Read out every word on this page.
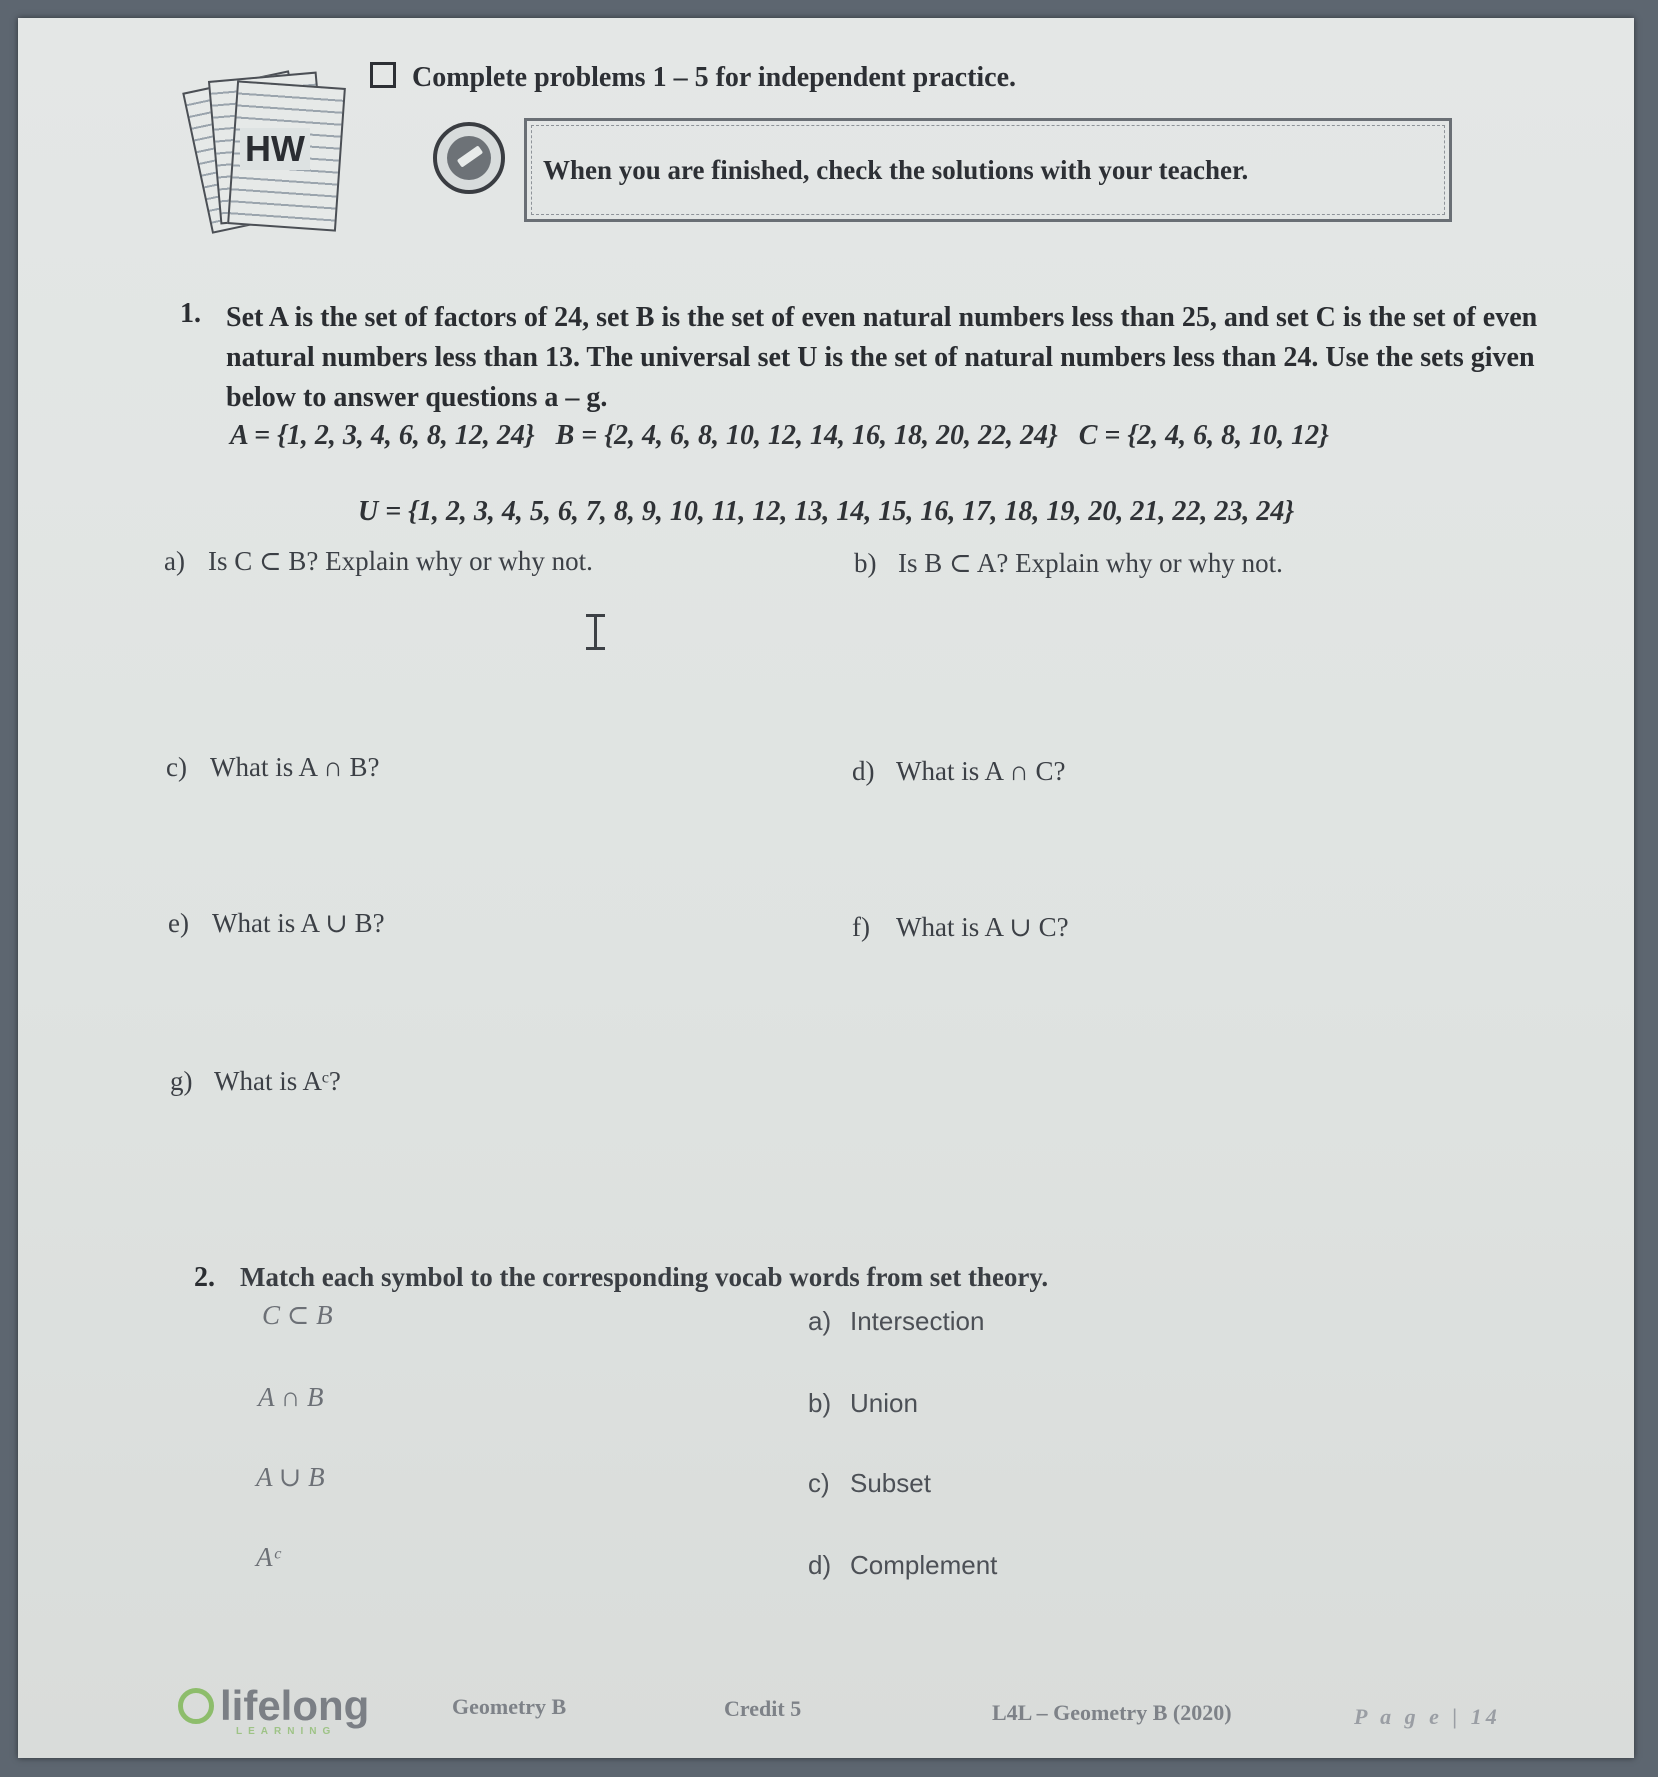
HW
Complete problems 1 – 5 for independent practice.
When you are finished, check the solutions with your teacher.
1. Set A is the set of factors of 24, set B is the set of even natural numbers less than 25, and set C is the set of even natural numbers less than 13. The universal set U is the set of natural numbers less than 24. Use the sets given below to answer questions a – g.
A = {1, 2, 3, 4, 6, 8, 12, 24} B = {2, 4, 6, 8, 10, 12, 14, 16, 18, 20, 22, 24} C = {2, 4, 6, 8, 10, 12}
U = {1, 2, 3, 4, 5, 6, 7, 8, 9, 10, 11, 12, 13, 14, 15, 16, 17, 18, 19, 20, 21, 22, 23, 24}
a) Is C ⊂ B? Explain why or why not.	b) Is B ⊂ A? Explain why or why not.
c) What is A ∩ B?	d) What is A ∩ C?
e) What is A ∪ B?	f) What is A ∪ C?
g) What is Aᶜ?
2. Match each symbol to the corresponding vocab words from set theory.
C ⊂ B
A ∩ B
A ∪ B
Aᶜ
a) Intersection
b) Union
c) Subset
d) Complement
lifelong
LEARNING
Geometry B	Credit 5	L4L – Geometry B (2020)	P a g e | 14
